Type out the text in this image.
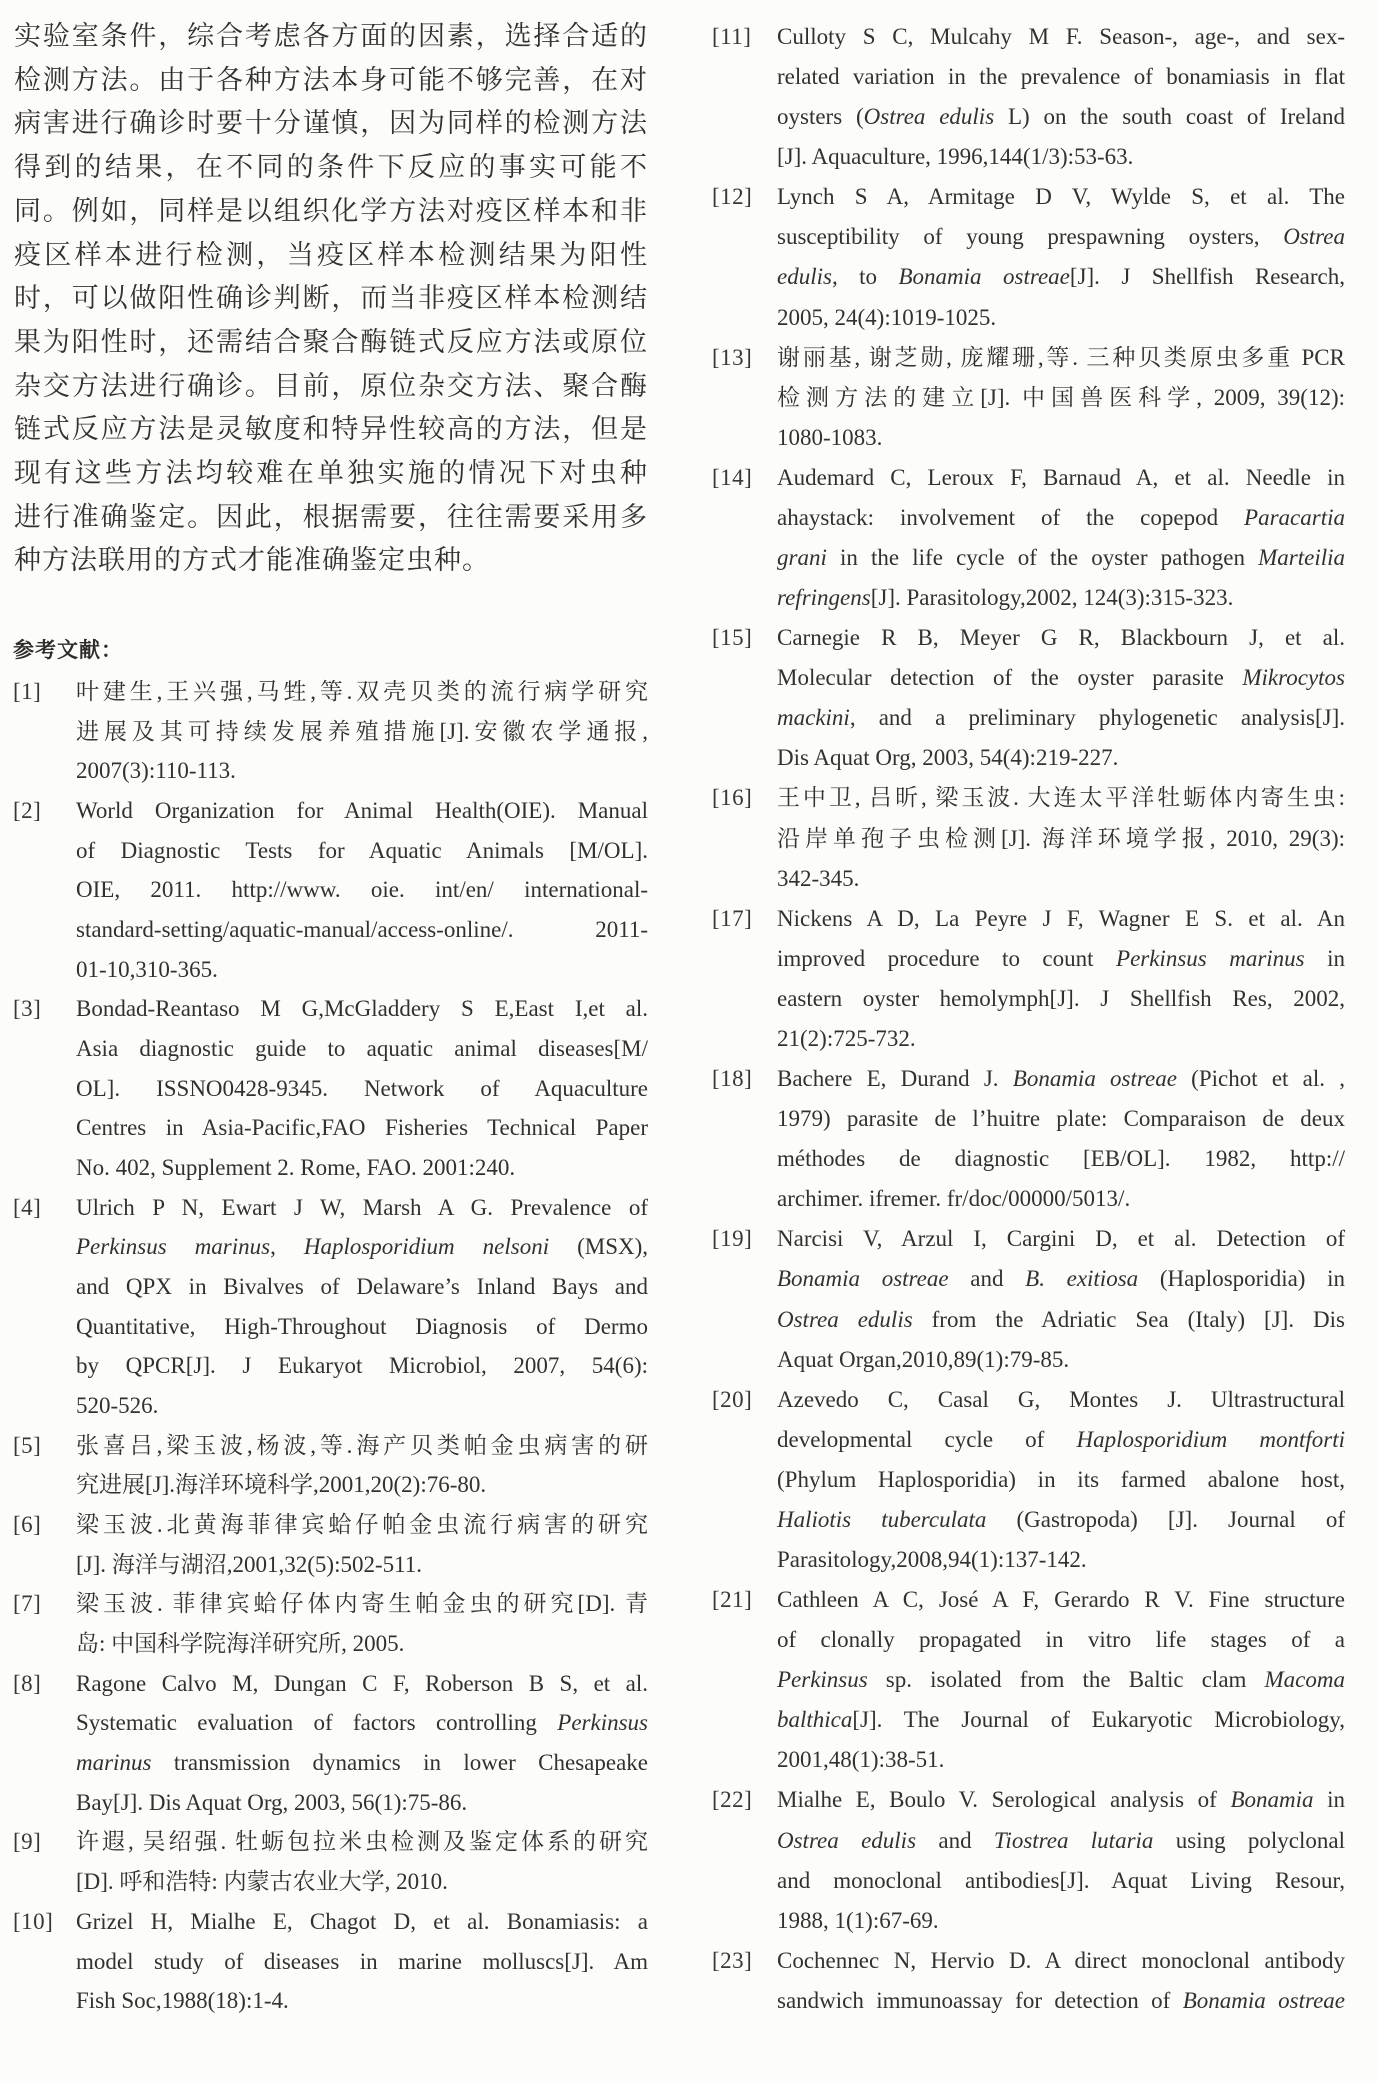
实验室条件，综合考虑各方面的因素，选择合适的
检测方法。由于各种方法本身可能不够完善，在对
病害进行确诊时要十分谨慎，因为同样的检测方法
得到的结果，在不同的条件下反应的事实可能不
同。例如，同样是以组织化学方法对疫区样本和非
疫区样本进行检测，当疫区样本检测结果为阳性
时，可以做阳性确诊判断，而当非疫区样本检测结
果为阳性时，还需结合聚合酶链式反应方法或原位
杂交方法进行确诊。目前，原位杂交方法、聚合酶
链式反应方法是灵敏度和特异性较高的方法，但是
现有这些方法均较难在单独实施的情况下对虫种
进行准确鉴定。因此，根据需要，往往需要采用多
种方法联用的方式才能准确鉴定虫种。
参考文献：
[1]	叶建生,王兴强,马甡,等.双壳贝类的流行病学研究
进展及其可持续发展养殖措施[J].安徽农学通报,
2007(3):110-113.
[2]	World Organization for Animal Health(OIE). Manual
of Diagnostic Tests for Aquatic Animals [M/OL].
OIE, 2011. http://www. oie. int/en/ international-
standard-setting/aquatic-manual/access-online/. 2011-
01-10,310-365.
[3]	Bondad-Reantaso M G,McGladdery S E,East I,et al.
Asia diagnostic guide to aquatic animal diseases[M/
OL]. ISSNO0428-9345. Network of Aquaculture
Centres in Asia-Pacific,FAO Fisheries Technical Paper
No. 402, Supplement 2. Rome, FAO. 2001:240.
[4]	Ulrich P N, Ewart J W, Marsh A G. Prevalence of
Perkinsus marinus, Haplosporidium nelsoni (MSX),
and QPX in Bivalves of Delaware’s Inland Bays and
Quantitative, High-Throughout Diagnosis of Dermo
by QPCR[J]. J Eukaryot Microbiol, 2007, 54(6):
520-526.
[5]	张喜吕,梁玉波,杨波,等.海产贝类帕金虫病害的研
究进展[J].海洋环境科学,2001,20(2):76-80.
[6]	梁玉波.北黄海菲律宾蛤仔帕金虫流行病害的研究
[J]. 海洋与湖沼,2001,32(5):502-511.
[7]	梁玉波. 菲律宾蛤仔体内寄生帕金虫的研究[D]. 青
岛: 中国科学院海洋研究所, 2005.
[8]	Ragone Calvo M, Dungan C F, Roberson B S, et al.
Systematic evaluation of factors controlling Perkinsus
marinus transmission dynamics in lower Chesapeake
Bay[J]. Dis Aquat Org, 2003, 56(1):75-86.
[9]	许遐, 吴绍强. 牡蛎包拉米虫检测及鉴定体系的研究
[D]. 呼和浩特: 内蒙古农业大学, 2010.
[10] Grizel H, Mialhe E, Chagot D, et al. Bonamiasis: a
model study of diseases in marine molluscs[J]. Am
Fish Soc,1988(18):1-4.
[11]	Culloty S C, Mulcahy M F. Season-, age-, and sex-
related variation in the prevalence of bonamiasis in flat
oysters (Ostrea edulis L) on the south coast of Ireland
[J]. Aquaculture, 1996,144(1/3):53-63.
[12]	Lynch S A, Armitage D V, Wylde S, et al. The
susceptibility of young prespawning oysters, Ostrea
edulis, to Bonamia ostreae[J]. J Shellfish Research,
2005, 24(4):1019-1025.
[13]	谢丽基, 谢芝勋, 庞耀珊,等. 三种贝类原虫多重 PCR
检测方法的建立[J]. 中国兽医科学, 2009, 39(12):
1080-1083.
[14]	Audemard C, Leroux F, Barnaud A, et al. Needle in
ahaystack: involvement of the copepod Paracartia
grani in the life cycle of the oyster pathogen Marteilia
refringens[J]. Parasitology,2002, 124(3):315-323.
[15]	Carnegie R B, Meyer G R, Blackbourn J, et al.
Molecular detection of the oyster parasite Mikrocytos
mackini, and a preliminary phylogenetic analysis[J].
Dis Aquat Org, 2003, 54(4):219-227.
[16]	王中卫, 吕昕, 梁玉波. 大连太平洋牡蛎体内寄生虫:
沿岸单孢子虫检测[J]. 海洋环境学报, 2010, 29(3):
342-345.
[17]	Nickens A D, La Peyre J F, Wagner E S. et al. An
improved procedure to count Perkinsus marinus in
eastern oyster hemolymph[J]. J Shellfish Res, 2002,
21(2):725-732.
[18]	Bachere E, Durand J. Bonamia ostreae (Pichot et al. ,
1979) parasite de l’huitre plate: Comparaison de deux
méthodes de diagnostic [EB/OL]. 1982, http://
archimer. ifremer. fr/doc/00000/5013/.
[19]	Narcisi V, Arzul I, Cargini D, et al. Detection of
Bonamia ostreae and B. exitiosa (Haplosporidia) in
Ostrea edulis from the Adriatic Sea (Italy) [J]. Dis
Aquat Organ,2010,89(1):79-85.
[20]	Azevedo C, Casal G, Montes J. Ultrastructural
developmental cycle of Haplosporidium montforti
(Phylum Haplosporidia) in its farmed abalone host,
Haliotis tuberculata (Gastropoda) [J]. Journal of
Parasitology,2008,94(1):137-142.
[21]	Cathleen A C, José A F, Gerardo R V. Fine structure
of clonally propagated in vitro life stages of a
Perkinsus sp. isolated from the Baltic clam Macoma
balthica[J]. The Journal of Eukaryotic Microbiology,
2001,48(1):38-51.
[22]	Mialhe E, Boulo V. Serological analysis of Bonamia in
Ostrea edulis and Tiostrea lutaria using polyclonal
and monoclonal antibodies[J]. Aquat Living Resour,
1988, 1(1):67-69.
[23]	Cochennec N, Hervio D. A direct monoclonal antibody
sandwich immunoassay for detection of Bonamia ostreae
